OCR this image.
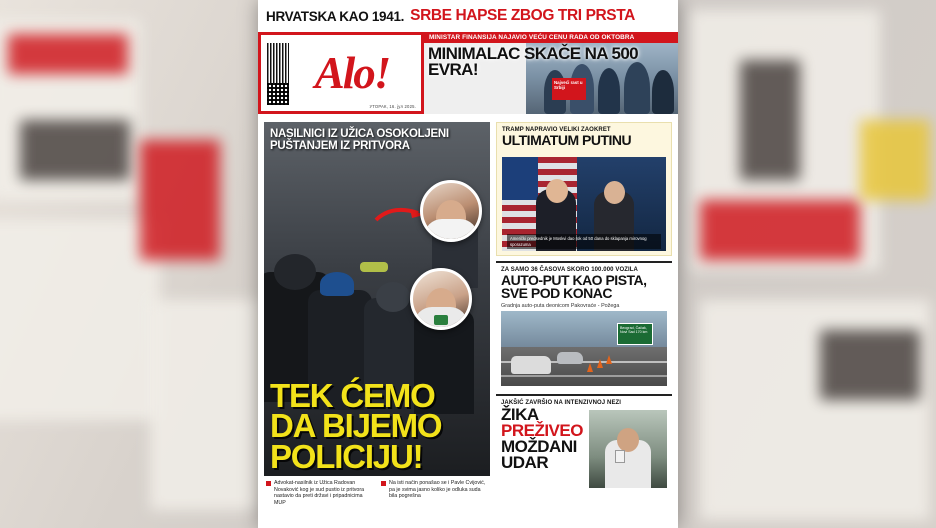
HRVATSKA KAO 1941. SRBE HAPSE ZBOG TRI PRSTA
Alo!
УТОРАК, 16. јул 2025.
MINISTAR FINANSIJA NAJAVIO VEĆU CENU RADA OD OKTOBRA
MINIMALAC SKAČE NA 500 EVRA!
Najveći rast u Srbiji
NASILNICI IZ UŽICA OSOKOLJENI PUŠTANJEM IZ PRITVORA
TEK ĆEMO DA BIJEMO POLICIJU!
Advokat-nasilnik iz Užica Radovan Novaković kog je sud pustio iz pritvora nastavio da preti državi i pripadnicima MUP
Na isti način ponašao se i Pavle Cvijović, pa je svima jasno koliko je odluka suda bila pogrešna
TRAMP NAPRAVIO VELIKI ZAOKRET
ULTIMATUM PUTINU
Američki predsednik je Moskvi dao rok od 50 dana do sklapanja mirovnog sporazuma
ZA SAMO 36 ČASOVA SKORO 100.000 VOZILA
AUTO-PUT KAO PISTA, SVE POD KONAC
Gradnja auto-puta deonicom Pakovraće - Požega
Beograd, Čačak, Novi Sad 170 km
JAKŠIĆ ZAVRŠIO NA INTENZIVNOJ NEZI
ŽIKA
PREŽIVEO
MOŽDANI
UDAR
